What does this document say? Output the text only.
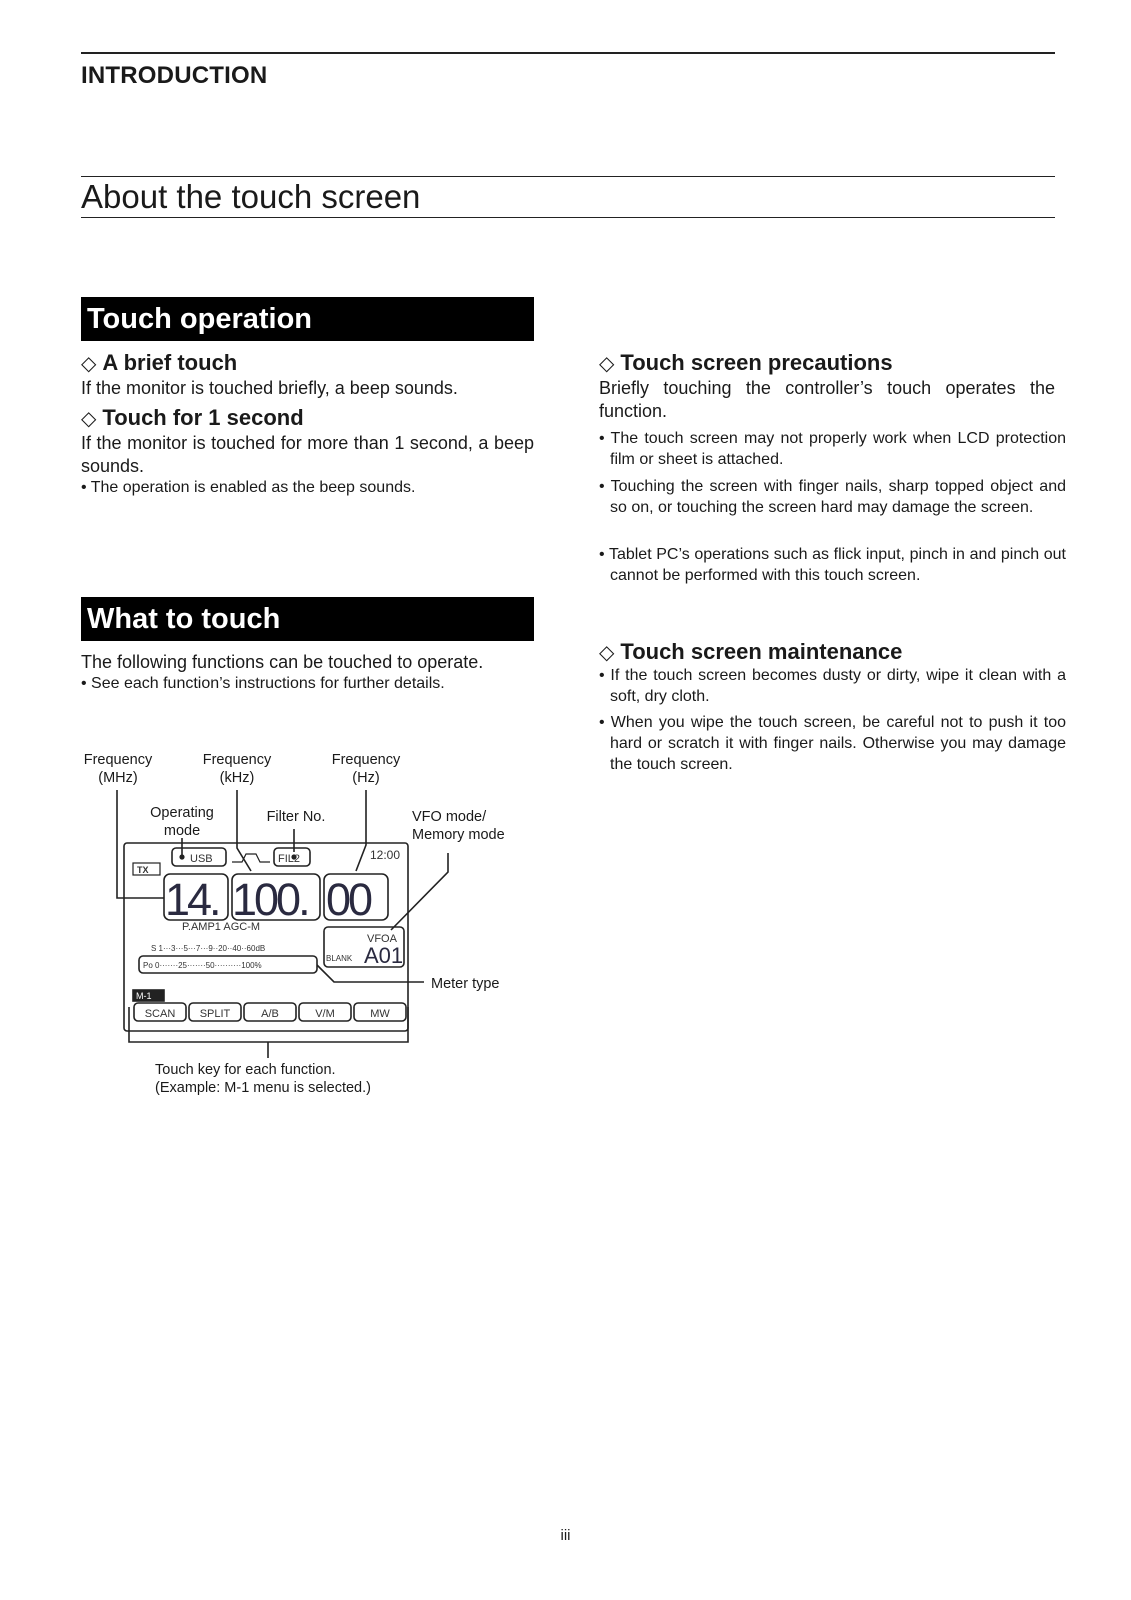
INTRODUCTION
About the touch screen
Touch operation
◇ A brief touch
If the monitor is touched briefly, a beep sounds.
◇ Touch for 1 second
If the monitor is touched for more than 1 second, a beep sounds.
• The operation is enabled as the beep sounds.
What to touch
The following functions can be touched to operate.
• See each function’s instructions for further details.
Frequency
(MHz)
Frequency
(kHz)
Frequency
(Hz)
Operating
mode
Filter No.	VFO mode/
Memory mode
Meter type
Touch key for each function.
(Example: M-1 menu is selected.)
USB	FIL2	12:00
TX
14. 100. 00
P.AMP1 AGC-M
VFOA
BLANK A01
S 1···3···5···7···9··20··40··60dB
Po 0·······25·······50··········100%
M-1
SCAN SPLIT	A/B	V/M	MW
◇ Touch screen precautions
Briefly touching the controller’s touch operates the function.
• The touch screen may not properly work when LCD protection film or sheet is attached.
• Touching the screen with finger nails, sharp topped object and so on, or touching the screen hard may damage the screen.
• Tablet PC’s operations such as flick input, pinch in and pinch out cannot be performed with this touch screen.
◇ Touch screen maintenance
• If the touch screen becomes dusty or dirty, wipe it clean with a soft, dry cloth.
• When you wipe the touch screen, be careful not to push it too hard or scratch it with finger nails. Otherwise you may damage the touch screen.
iii
